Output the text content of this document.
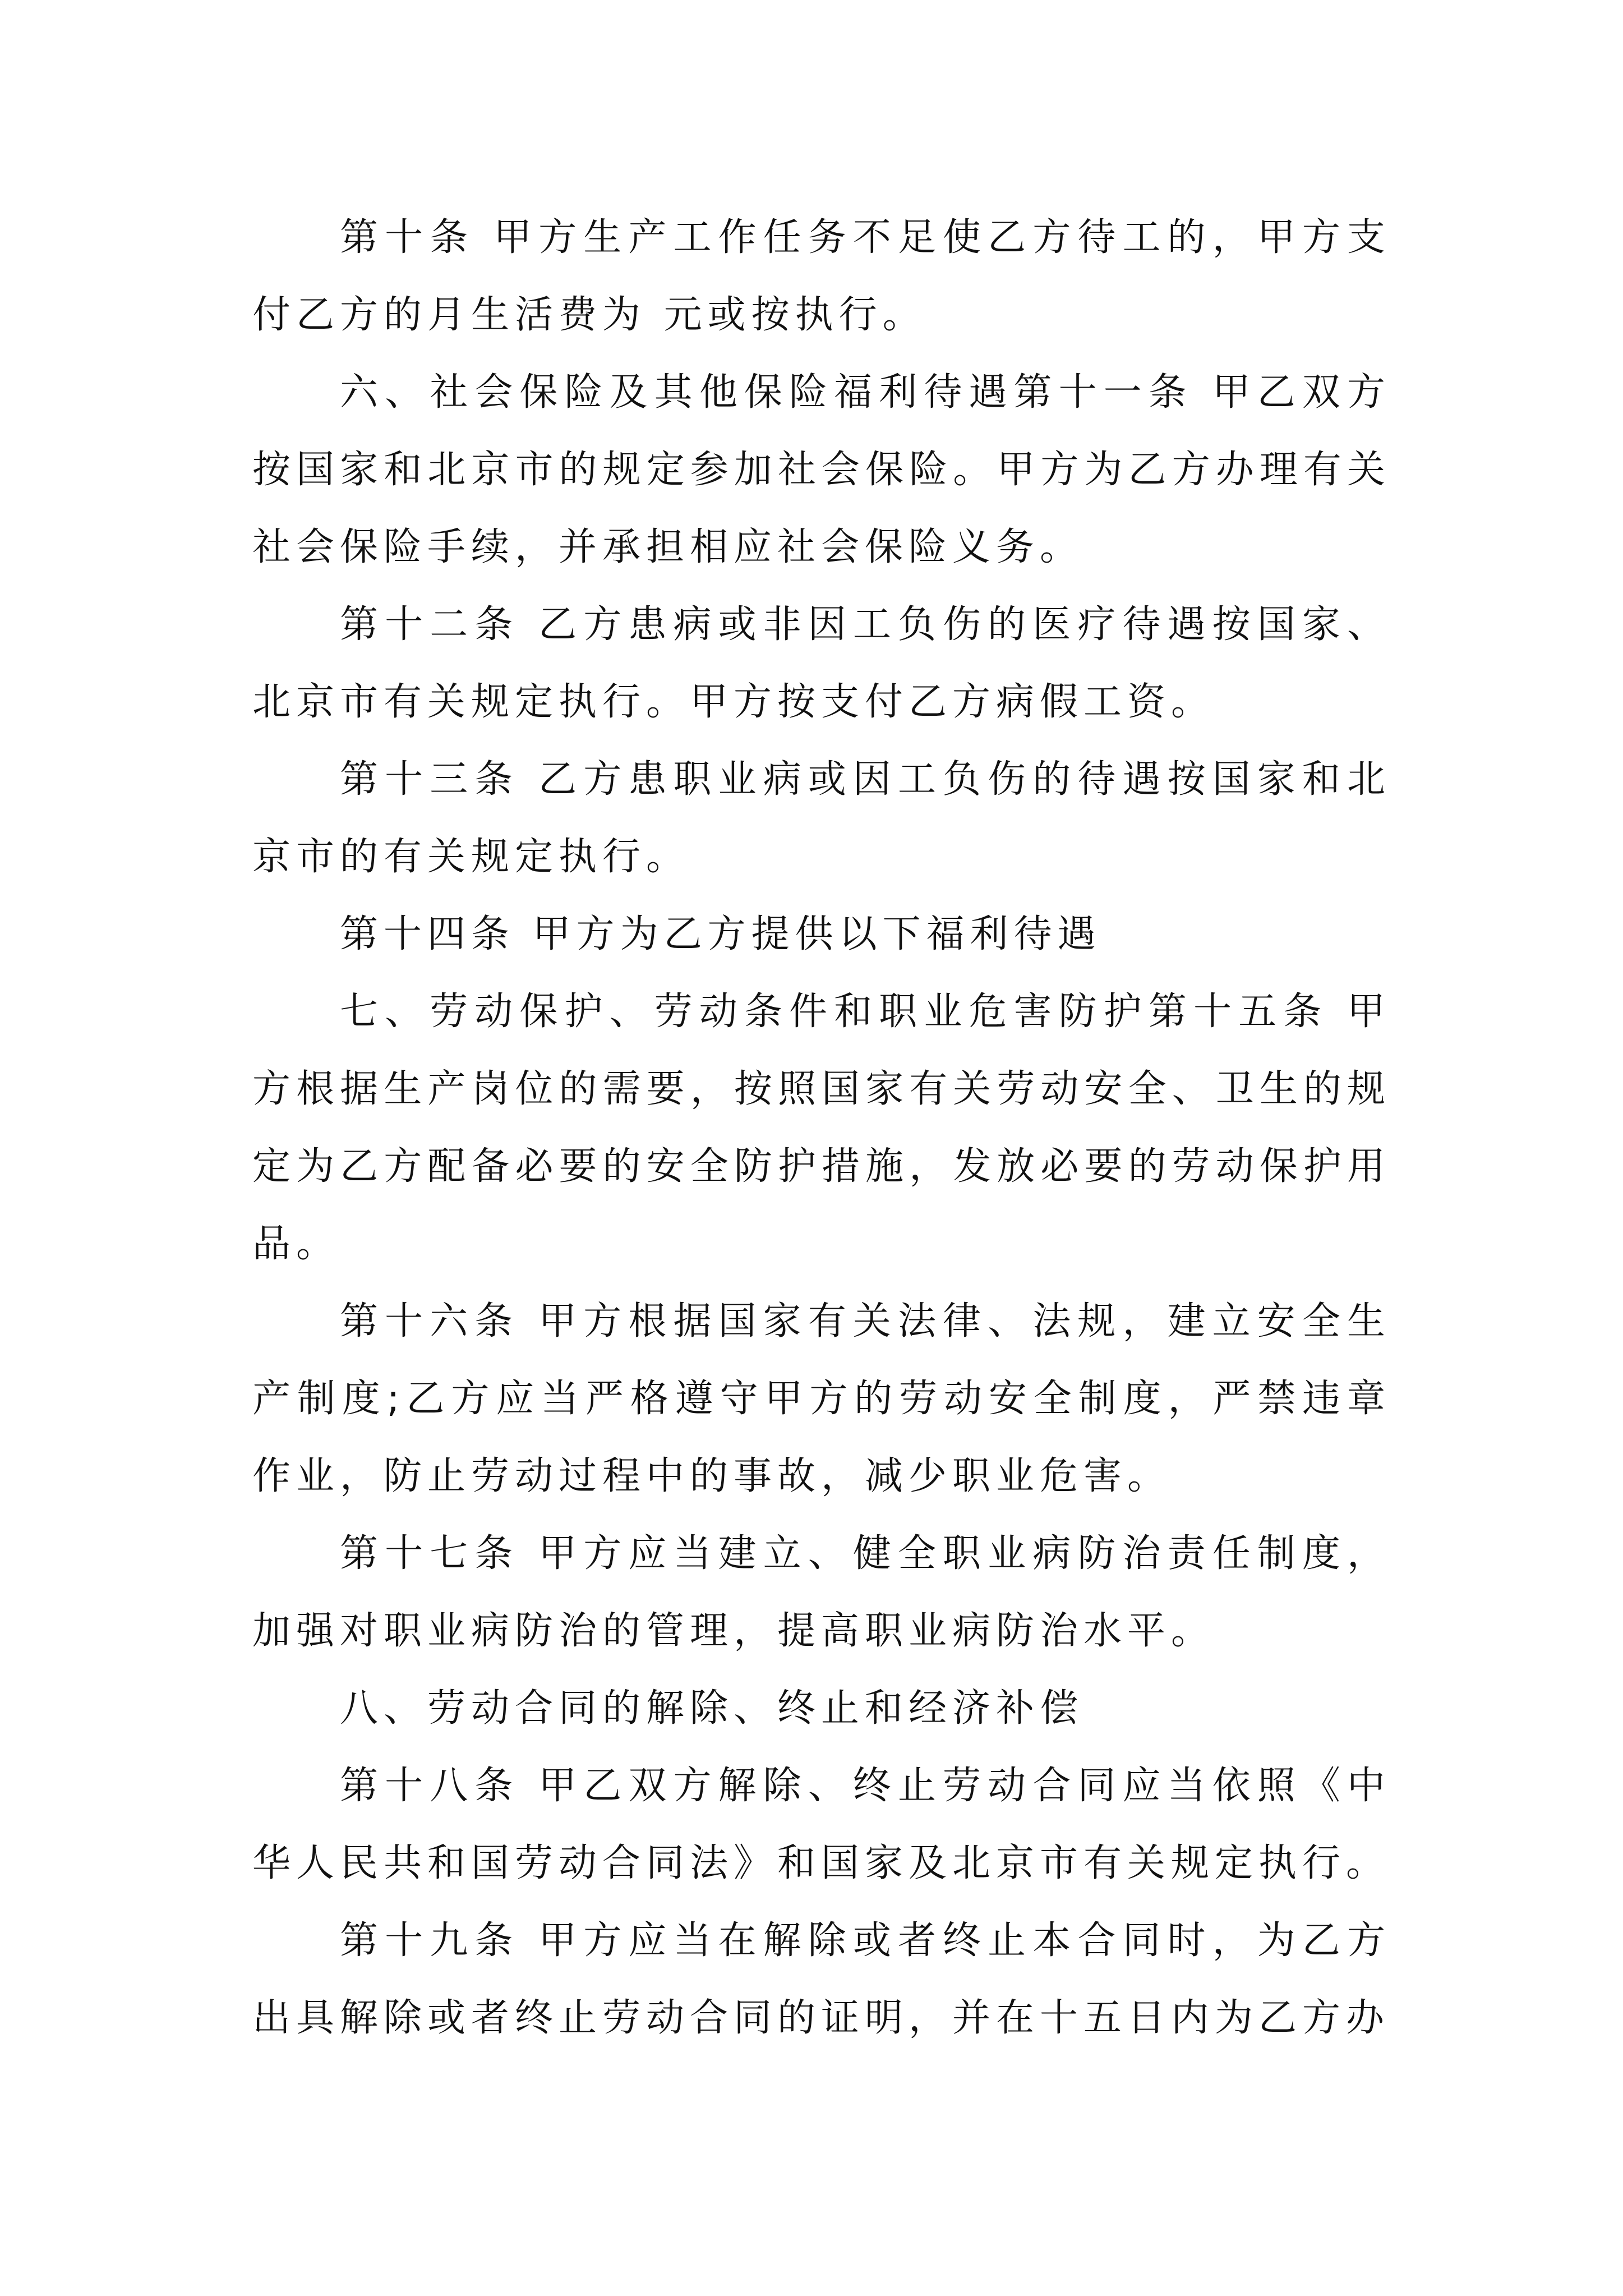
第十条 甲方生产工作任务不足使乙方待工的，甲方支付乙方的月生活费为 元或按执行。

六、社会保险及其他保险福利待遇第十一条 甲乙双方按国家和北京市的规定参加社会保险。甲方为乙方办理有关社会保险手续，并承担相应社会保险义务。

第十二条 乙方患病或非因工负伤的医疗待遇按国家、北京市有关规定执行。甲方按支付乙方病假工资。

第十三条 乙方患职业病或因工负伤的待遇按国家和北京市的有关规定执行。

第十四条 甲方为乙方提供以下福利待遇

七、劳动保护、劳动条件和职业危害防护第十五条 甲方根据生产岗位的需要，按照国家有关劳动安全、卫生的规定为乙方配备必要的安全防护措施，发放必要的劳动保护用品。

第十六条 甲方根据国家有关法律、法规，建立安全生产制度;乙方应当严格遵守甲方的劳动安全制度，严禁违章作业，防止劳动过程中的事故，减少职业危害。

第十七条 甲方应当建立、健全职业病防治责任制度，加强对职业病防治的管理，提高职业病防治水平。

八、劳动合同的解除、终止和经济补偿

第十八条 甲乙双方解除、终止劳动合同应当依照《中华人民共和国劳动合同法》和国家及北京市有关规定执行。

第十九条 甲方应当在解除或者终止本合同时，为乙方出具解除或者终止劳动合同的证明，并在十五日内为乙方办
